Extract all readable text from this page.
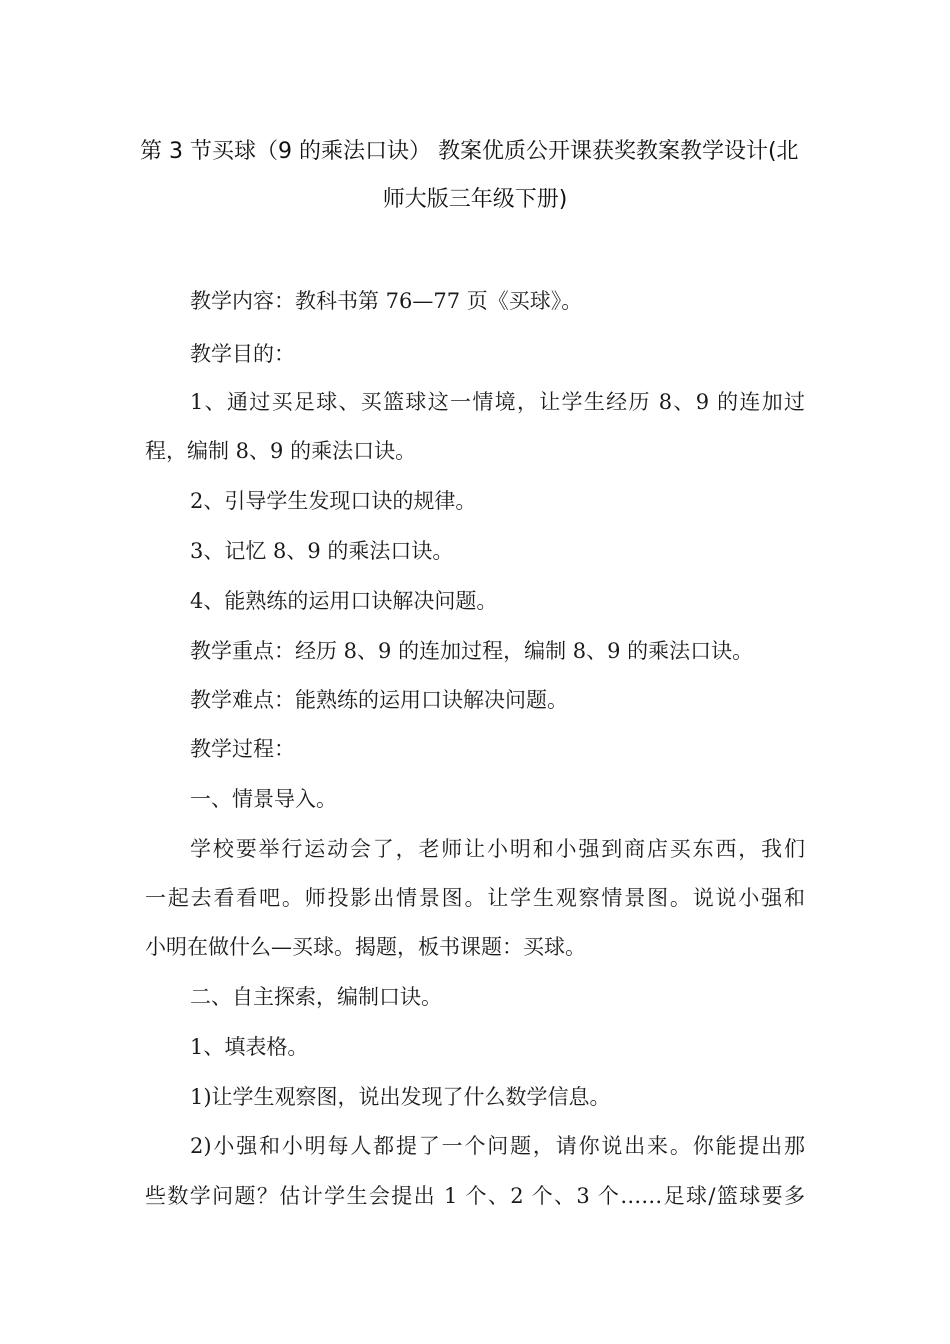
第 3 节买球（9 的乘法口诀） 教案优质公开课获奖教案教学设计(北
师大版三年级下册)
教学内容：教科书第 76—77 页《买球》。
教学目的：
1、通过买足球、买篮球这一情境，让学生经历 8、9 的连加过
程，编制 8、9 的乘法口诀。
2、引导学生发现口诀的规律。
3、记忆 8、9 的乘法口诀。
4、能熟练的运用口诀解决问题。
教学重点：经历 8、9 的连加过程，编制 8、9 的乘法口诀。
教学难点：能熟练的运用口诀解决问题。
教学过程：
一、情景导入。
学校要举行运动会了，老师让小明和小强到商店买东西，我们
一起去看看吧。师投影出情景图。让学生观察情景图。说说小强和
小明在做什么—买球。揭题，板书课题：买球。
二、自主探索，编制口诀。
1、填表格。
1)让学生观察图，说出发现了什么数学信息。
2)小强和小明每人都提了一个问题，请你说出来。你能提出那
些数学问题？估计学生会提出 1 个、2 个、3 个……足球/篮球要多
